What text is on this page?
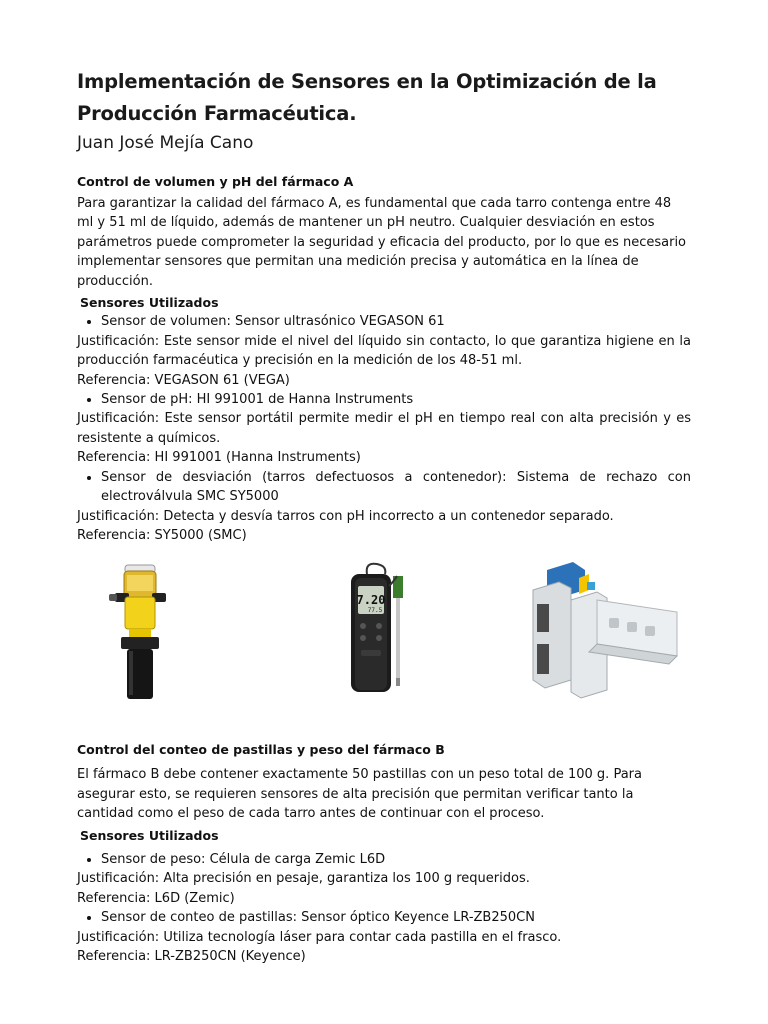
Implementación de Sensores en la Optimización de la Producción Farmacéutica.

Juan José Mejía Cano

Control de volumen y pH del fármaco A

Para garantizar la calidad del fármaco A, es fundamental que cada tarro contenga entre 48 ml y 51 ml de líquido, además de mantener un pH neutro. Cualquier desviación en estos parámetros puede comprometer la seguridad y eficacia del producto, por lo que es necesario implementar sensores que permitan una medición precisa y automática en la línea de producción.

Sensores Utilizados

• Sensor de volumen: Sensor ultrasónico VEGASON 61

Justificación: Este sensor mide el nivel del líquido sin contacto, lo que garantiza higiene en la producción farmacéutica y precisión en la medición de los 48-51 ml.

Referencia: VEGASON 61 (VEGA)

• Sensor de pH: HI 991001 de Hanna Instruments

Justificación: Este sensor portátil permite medir el pH en tiempo real con alta precisión y es resistente a químicos.

Referencia: HI 991001 (Hanna Instruments)

• Sensor de desviación (tarros defectuosos a contenedor): Sistema de rechazo con electroválvula SMC SY5000

Justificación: Detecta y desvía tarros con pH incorrecto a un contenedor separado.

Referencia: SY5000 (SMC)

7.20
77.5
Control del conteo de pastillas y peso del fármaco B

El fármaco B debe contener exactamente 50 pastillas con un peso total de 100 g. Para asegurar esto, se requieren sensores de alta precisión que permitan verificar tanto la cantidad como el peso de cada tarro antes de continuar con el proceso.

Sensores Utilizados

• Sensor de peso: Célula de carga Zemic L6D

Justificación: Alta precisión en pesaje, garantiza los 100 g requeridos.

Referencia: L6D (Zemic)

• Sensor de conteo de pastillas: Sensor óptico Keyence LR-ZB250CN

Justificación: Utiliza tecnología láser para contar cada pastilla en el frasco.

Referencia: LR-ZB250CN (Keyence)
